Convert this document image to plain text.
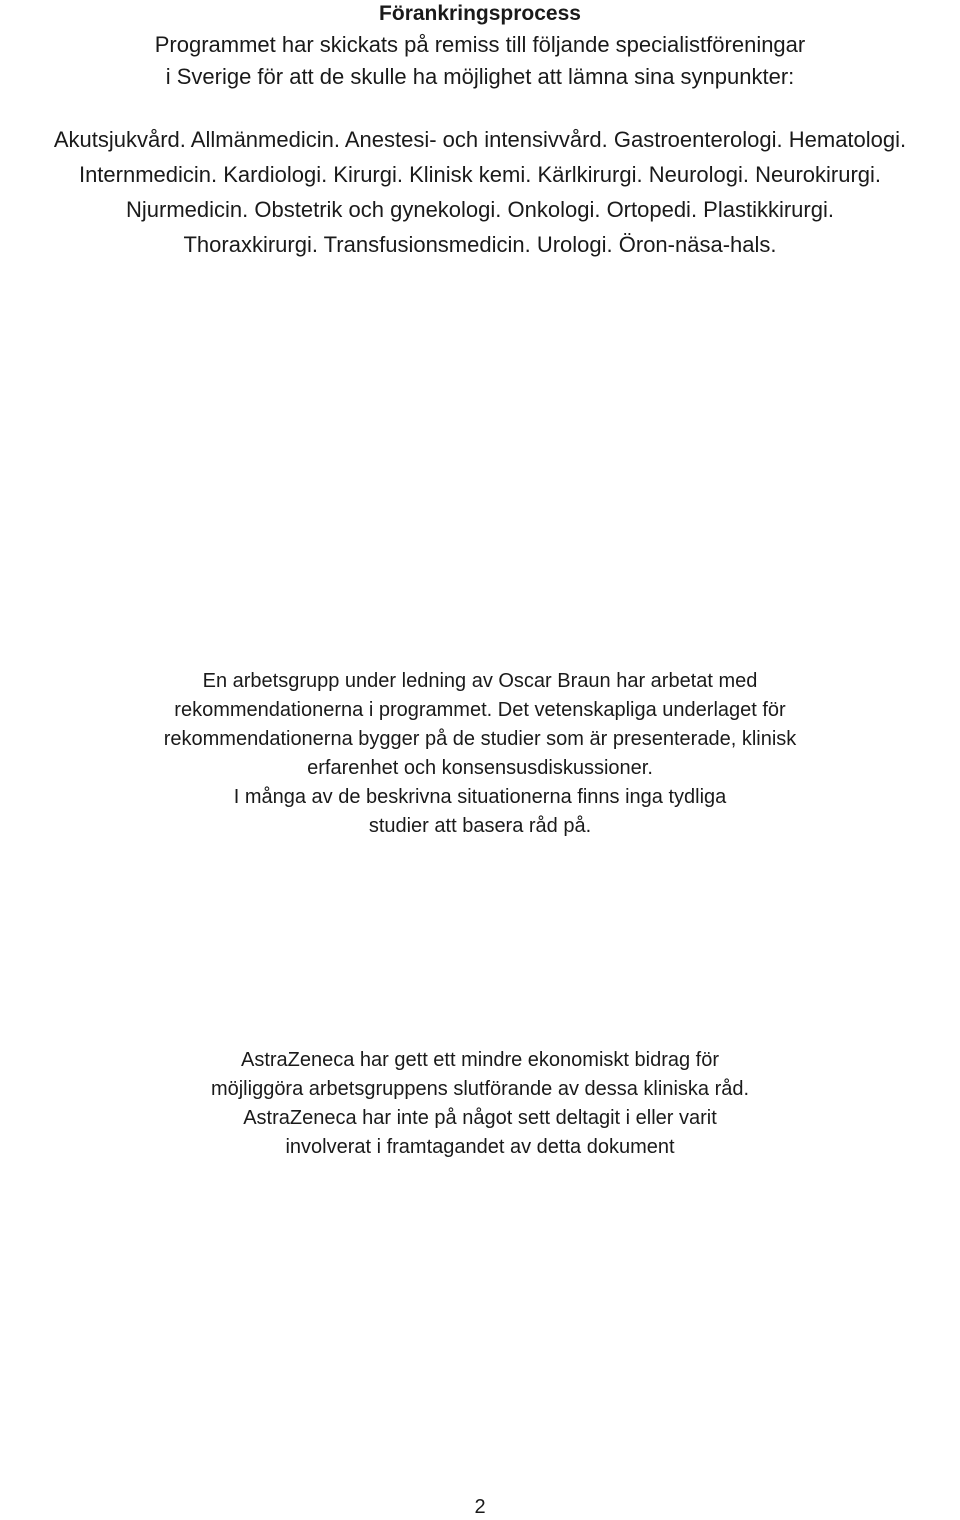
Förankringsprocess

Programmet har skickats på remiss till följande specialistföreningar

i Sverige för att de skulle ha möjlighet att lämna sina synpunkter:

Akutsjukvård. Allmänmedicin. Anestesi- och intensivvård. Gastroenterologi. Hematologi.

Internmedicin. Kardiologi. Kirurgi. Klinisk kemi. Kärlkirurgi. Neurologi. Neurokirurgi.

Njurmedicin. Obstetrik och gynekologi. Onkologi. Ortopedi. Plastikkirurgi.

Thoraxkirurgi. Transfusionsmedicin. Urologi. Öron-näsa-hals.

En arbetsgrupp under ledning av Oscar Braun har arbetat med

rekommendationerna i programmet. Det vetenskapliga underlaget för

rekommendationerna bygger på de studier som är presenterade, klinisk

erfarenhet och konsensusdiskussioner.

I många av de beskrivna situationerna finns inga tydliga

studier att basera råd på.

AstraZeneca har gett ett mindre ekonomiskt bidrag för

möjliggöra arbetsgruppens slutförande av dessa kliniska råd.

AstraZeneca har inte på något sett deltagit i eller varit

involverat i framtagandet av detta dokument

2
